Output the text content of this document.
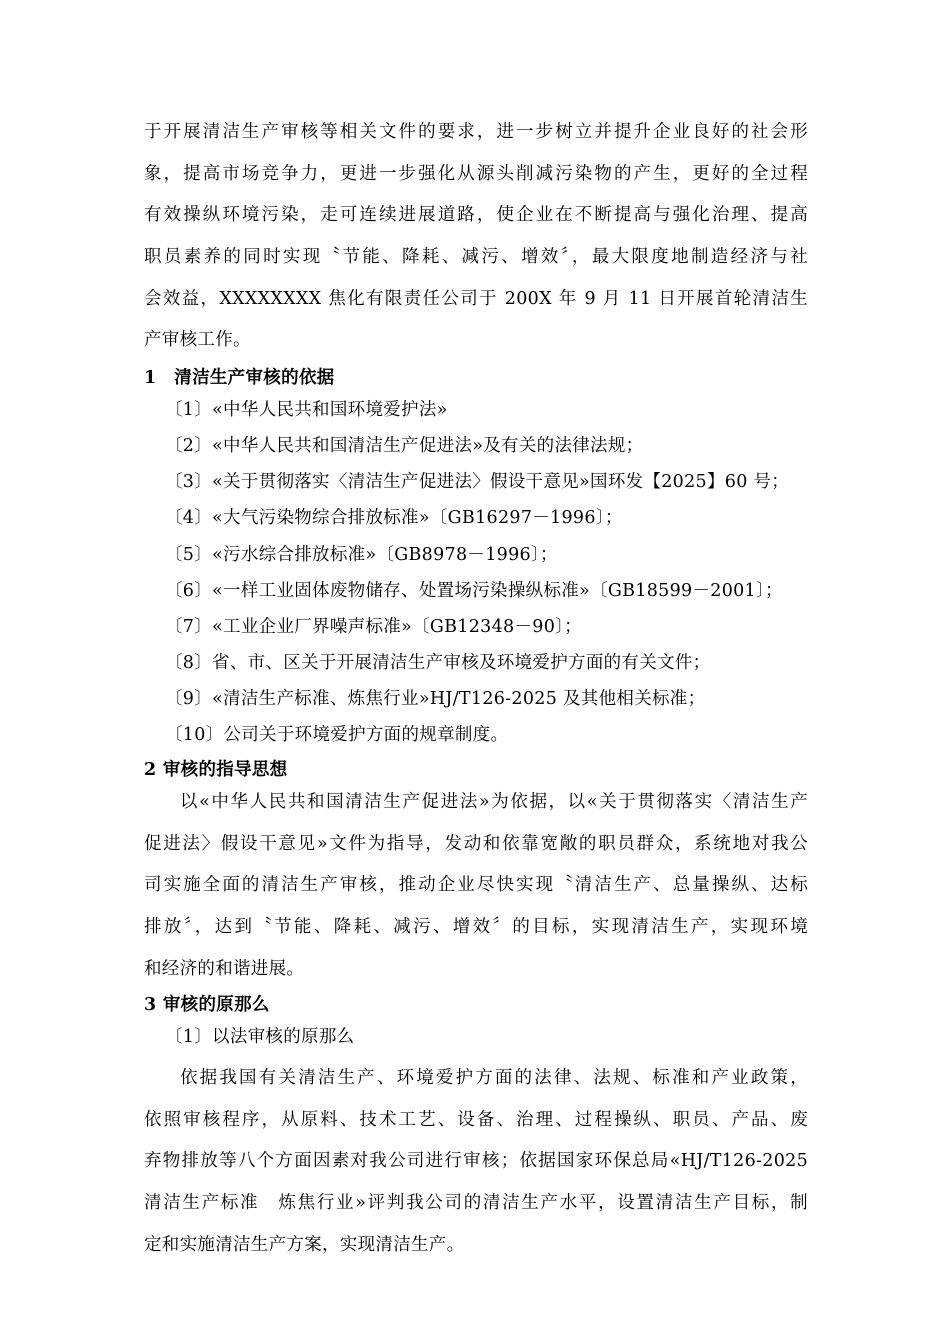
于开展清洁生产审核等相关文件的要求，进一步树立并提升企业良好的社会形
象，提高市场竞争力，更进一步强化从源头削减污染物的产生，更好的全过程
有效操纵环境污染，走可连续进展道路，使企业在不断提高与强化治理、提高
职员素养的同时实现〝节能、降耗、减污、增效〞，最大限度地制造经济与社
会效益，XXXXXXXX 焦化有限责任公司于 200X 年 9 月 11 日开展首轮清洁生
产审核工作。
1　清洁生产审核的依据
〔1〕«中华人民共和国环境爱护法»
〔2〕«中华人民共和国清洁生产促进法»及有关的法律法规；
〔3〕«关于贯彻落实〈清洁生产促进法〉假设干意见»国环发【2025】60 号；
〔4〕«大气污染物综合排放标准»〔GB16297－1996〕；
〔5〕«污水综合排放标准»〔GB8978－1996〕；
〔6〕«一样工业固体废物储存、处置场污染操纵标准»〔GB18599－2001〕；
〔7〕«工业企业厂界噪声标准»〔GB12348－90〕；
〔8〕省、市、区关于开展清洁生产审核及环境爱护方面的有关文件；
〔9〕«清洁生产标准、炼焦行业»HJ/T126-2025 及其他相关标准；
〔10〕公司关于环境爱护方面的规章制度。
2 审核的指导思想
以«中华人民共和国清洁生产促进法»为依据，以«关于贯彻落实〈清洁生产
促进法〉假设干意见»文件为指导，发动和依靠宽敞的职员群众，系统地对我公
司实施全面的清洁生产审核，推动企业尽快实现〝清洁生产、总量操纵、达标
排放〞，达到〝节能、降耗、减污、增效〞的目标，实现清洁生产，实现环境
和经济的和谐进展。
3 审核的原那么
〔1〕以法审核的原那么
依据我国有关清洁生产、环境爱护方面的法律、法规、标准和产业政策，
依照审核程序，从原料、技术工艺、设备、治理、过程操纵、职员、产品、废
弃物排放等八个方面因素对我公司进行审核；依据国家环保总局«HJ/T126-2025
清洁生产标准　炼焦行业»评判我公司的清洁生产水平，设置清洁生产目标，制
定和实施清洁生产方案，实现清洁生产。
